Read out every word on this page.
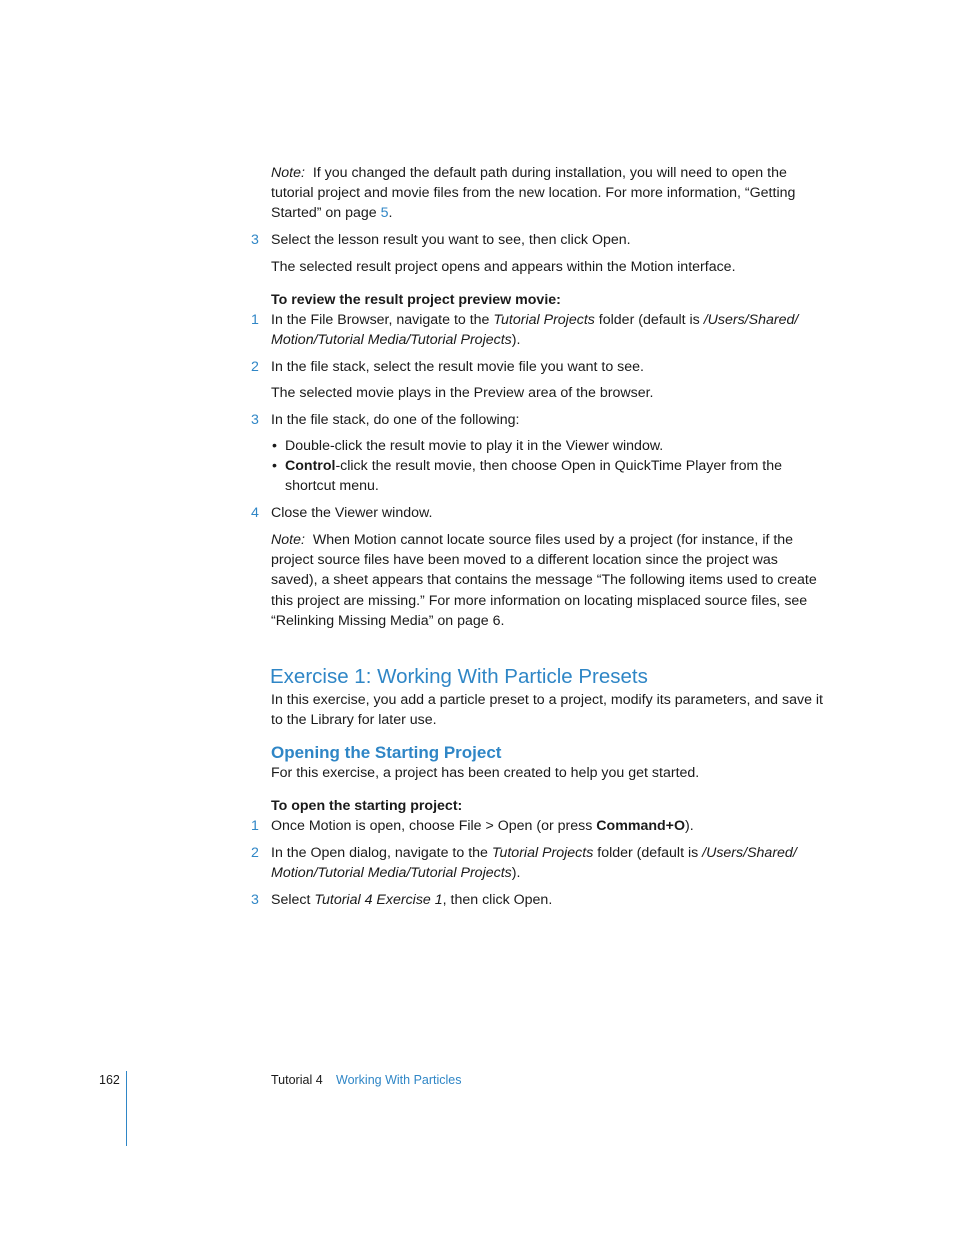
Note: If you changed the default path during installation, you will need to open the tutorial project and movie files from the new location. For more information, “Getting Started” on page 5.

3 Select the lesson result you want to see, then click Open.

The selected result project opens and appears within the Motion interface.

To review the result project preview movie:

1 In the File Browser, navigate to the Tutorial Projects folder (default is /Users/Shared/ Motion/Tutorial Media/Tutorial Projects).

2 In the file stack, select the result movie file you want to see.

The selected movie plays in the Preview area of the browser.

3 In the file stack, do one of the following:

• Double-click the result movie to play it in the Viewer window.

• Control-click the result movie, then choose Open in QuickTime Player from the shortcut menu.

4 Close the Viewer window.

Note: When Motion cannot locate source files used by a project (for instance, if the project source files have been moved to a different location since the project was saved), a sheet appears that contains the message “The following items used to create this project are missing.” For more information on locating misplaced source files, see “Relinking Missing Media” on page 6.

Exercise 1: Working With Particle Presets

In this exercise, you add a particle preset to a project, modify its parameters, and save it to the Library for later use.

Opening the Starting Project

For this exercise, a project has been created to help you get started.

To open the starting project:

1 Once Motion is open, choose File > Open (or press Command+O).

2 In the Open dialog, navigate to the Tutorial Projects folder (default is /Users/Shared/ Motion/Tutorial Media/Tutorial Projects).

3 Select Tutorial 4 Exercise 1, then click Open.

162	Tutorial 4 Working With Particles
